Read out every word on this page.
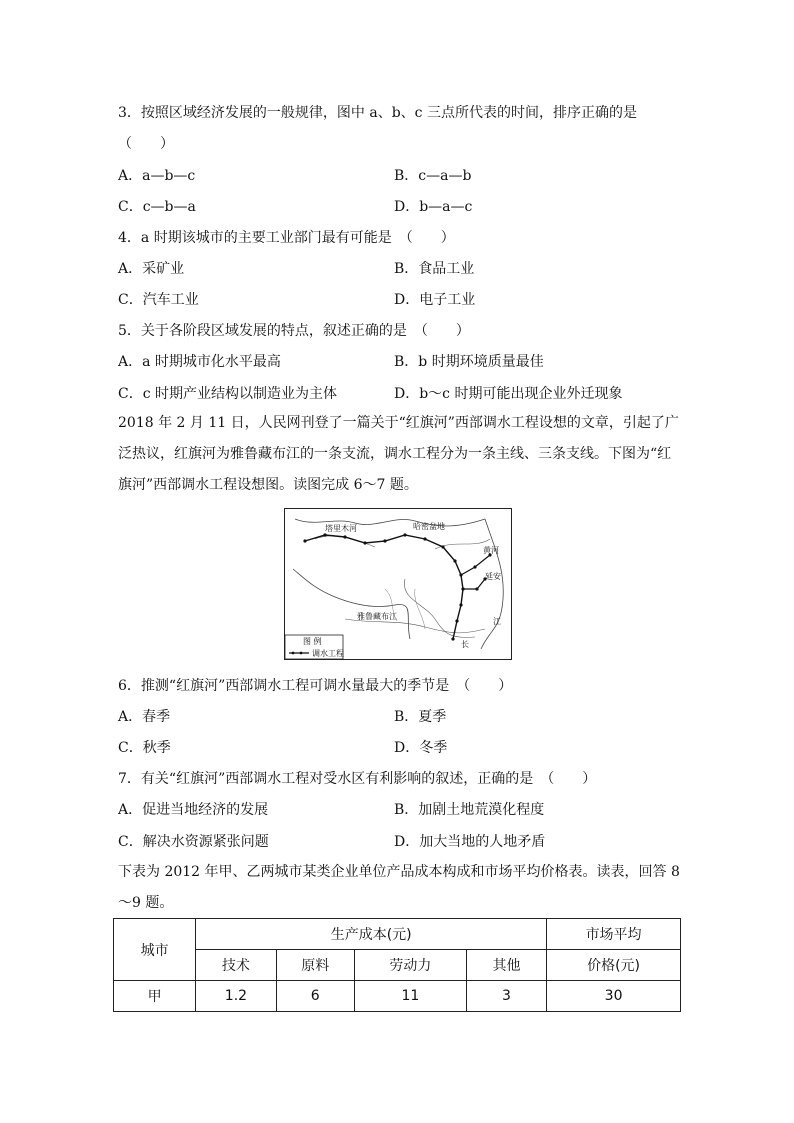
3．按照区域经济发展的一般规律，图中 a、b、c 三点所代表的时间，排序正确的是
（　　）
A．a—b—c	B．c—a—b
C．c—b—a	D．b—a—c
4．a 时期该城市的主要工业部门最有可能是　（　　）
A．采矿业	B．食品工业
C．汽车工业	D．电子工业
5．关于各阶段区域发展的特点，叙述正确的是　（　　）
A．a 时期城市化水平最高	B．b 时期环境质量最佳
C．c 时期产业结构以制造业为主体	D．b～c 时期可能出现企业外迁现象
2018 年 2 月 11 日，人民网刊登了一篇关于“红旗河”西部调水工程设想的文章，引起了广泛热议，红旗河为雅鲁藏布江的一条支流，调水工程分为一条主线、三条支线。下图为“红旗河”西部调水工程设想图。读图完成 6～7 题。
塔里木河	哈密盆地
黄河
延安
雅鲁藏布江
江
长
图 例
调水工程
6．推测“红旗河”西部调水工程可调水量最大的季节是　（　　）
A．春季	B．夏季
C．秋季	D．冬季
7．有关“红旗河”西部调水工程对受水区有利影响的叙述，正确的是　（　　）
A．促进当地经济的发展	B．加剧土地荒漠化程度
C．解决水资源紧张问题	D．加大当地的人地矛盾
下表为 2012 年甲、乙两城市某类企业单位产品成本构成和市场平均价格表。读表，回答 8～9 题。
城市	生产成本(元)				市场平均
	技术	原料	劳动力	其他	价格(元)
甲	1.2	6	11	3	30
